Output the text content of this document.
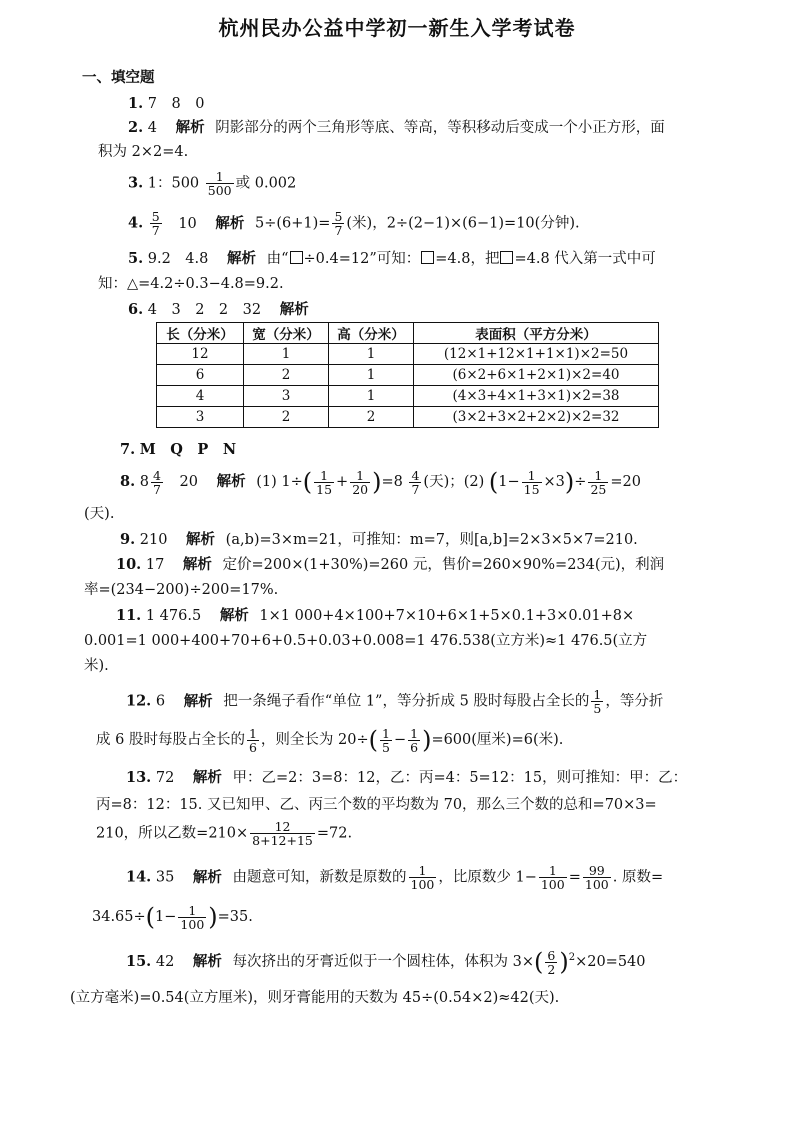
杭州民办公益中学初一新生入学考试卷
一、填空题
1. 7　8　0
2. 4 解析 阴影部分的两个三角形等底、等高，等积移动后变成一个小正方形，面
积为 2×2=4.
3. 1：$500 \frac{1}{500}$ 或 0.002
4. $\frac{5}{7} 10$ 解析 $5\div(6+1)= \frac{5}{7}$ (米)，2÷(2−1)×(6−1)=10(分钟).
5. 9.2　4.8 解析 由“ ÷0.4=12”可知： =4.8，把 =4.8 代入第一式中可
知：△=4.2÷0.3−4.8=9.2.
6. 4　3　2　2　32 解析
长（分米）	宽（分米）	高（分米）	表面积（平方分米）
12	1	1	(12×1+12×1+1×1)×2=50
6	2	1	(6×2+6×1+2×1)×2=40
4	3	1	(4×3+4×1+3×1)×2=38
3	2	2	(3×2+3×2+2×2)×2=32
7. M　Q　P　N
8. $8 \frac{4}{7} 20$ 解析 (1) $1\div( \frac{1}{15} + \frac{1}{20} )=8 \frac{4}{7}$ (天)；(2) $(1- \frac{1}{15} \times 3)\div \frac{1}{25} =20$
(天).
9. 210 解析 (a,b)=3×m=21，可推知：m=7，则[a,b]=2×3×5×7=210.
10. 17 解析 定价=200×(1+30%)=260 元，售价=260×90%=234(元)，利润
率=(234−200)÷200=17%.
11. 1 476.5 解析 1×1 000+4×100+7×10+6×1+5×0.1+3×0.01+8×
0.001=1 000+400+70+6+0.5+0.03+0.008=1 476.538(立方米)≈1 476.5(立方
米).
12. 6 解析 把一条绳子看作“单位 1”，等分折成 5 股时每股占全长的 $\frac{1}{5}$ ，等分折
成 6 股时每股占全长的 $\frac{1}{6}$ ，则全长为 $20\div( \frac{1}{5} - \frac{1}{6} )=600$(厘米)=6(米).
13. 72 解析 甲：乙=2：3=8：12，乙：丙=4：5=12：15，则可推知：甲：乙：
丙=8：12：15. 又已知甲、乙、丙三个数的平均数为 70，那么三个数的总和=70×3=
210，所以乙数$=210\times \frac{12}{8+12+15} =72$.
14. 35 解析 由题意可知，新数是原数的 $\frac{1}{100}$ ，比原数少 $1- \frac{1}{100} = \frac{99}{100}$ . 原数=
$34.65\div(1- \frac{1}{100} )=35$.
15. 42 解析 每次挤出的牙膏近似于一个圆柱体，体积为 $3\times( \frac{6}{2} )^2\times 20=540$
(立方毫米)=0.54(立方厘米)，则牙膏能用的天数为 45÷(0.54×2)≈42(天).
